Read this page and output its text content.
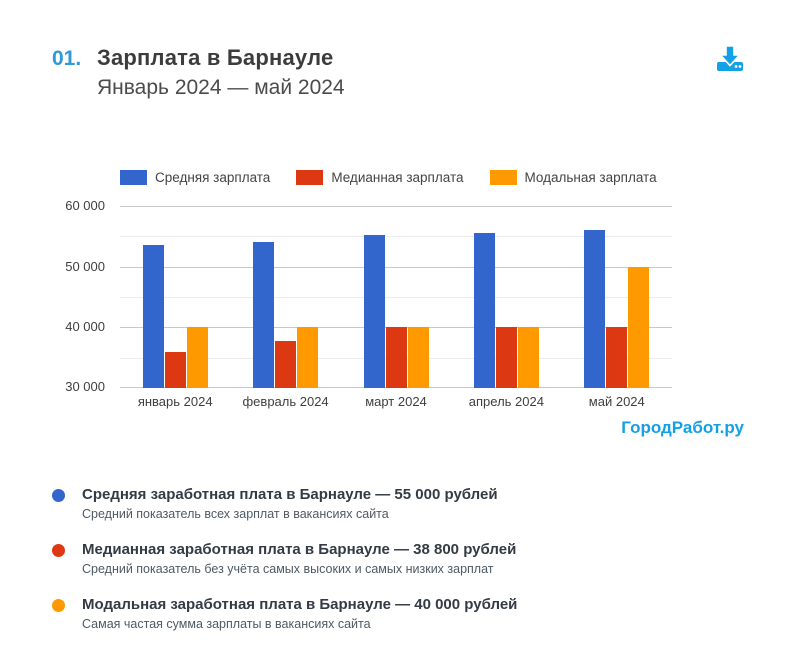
01. Зарплата в Барнауле
Январь 2024 — май 2024
Средняя зарплата	Медианная зарплата	Модальная зарплата
30 000
40 000
50 000
60 000
январь 2024	февраль 2024	март 2024	апрель 2024	май 2024
ГородРабот.ру
Средняя заработная плата в Барнауле — 55 000 рублей
Средний показатель всех зарплат в вакансиях сайта
Медианная заработная плата в Барнауле — 38 800 рублей
Средний показатель без учёта самых высоких и самых низких зарплат
Модальная заработная плата в Барнауле — 40 000 рублей
Самая частая сумма зарплаты в вакансиях сайта
